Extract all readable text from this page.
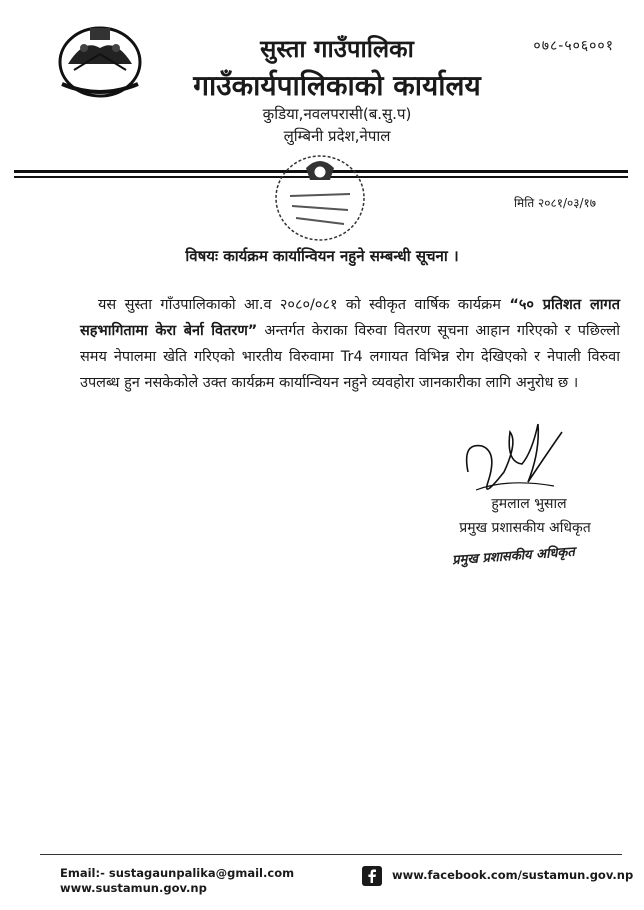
०७८-५०६००१
सुस्ता गाउँपालिका
गाउँकार्यपालिकाको कार्यालय
कुडिया,नवलपरासी(ब.सु.प)
लुम्बिनी प्रदेश,नेपाल
मिति २०८१/०३/१७
विषयः कार्यक्रम कार्यान्वियन नहुने सम्बन्धी सूचना ।

यस सुस्ता गाँउपालिकाको आ.व २०८०/०८१ को स्वीकृत वार्षिक कार्यक्रम “५० प्रतिशत लागत सहभागितामा केरा बेर्ना वितरण” अन्तर्गत केराका विरुवा वितरण सूचना आहान गरिएको र पछिल्लो समय नेपालमा खेति गरिएको भारतीय विरुवामा Tr4 लगायत विभिन्न रोग देखिएको र नेपाली विरुवा उपलब्ध हुन नसकेकोले उक्त कार्यक्रम कार्यान्वियन नहुने व्यवहोरा जानकारीका लागि अनुरोध छ ।

हुमलाल भुसाल
प्रमुख प्रशासकीय अधिकृत
प्रमुख प्रशासकीय अधिकृत
Email:- sustagaunpalika@gmail.com
www.sustamun.gov.np
www.facebook.com/sustamun.gov.np
